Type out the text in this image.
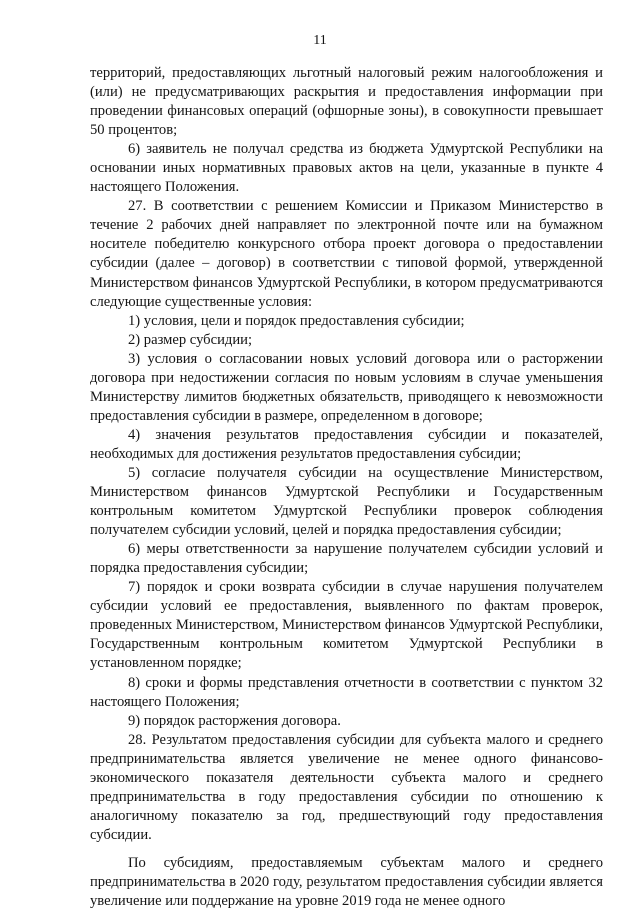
11

территорий, предоставляющих льготный налоговый режим налогообложения и (или) не предусматривающих раскрытия и предоставления информации при проведении финансовых операций (офшорные зоны), в совокупности превышает 50 процентов;

6) заявитель не получал средства из бюджета Удмуртской Республики на основании иных нормативных правовых актов на цели, указанные в пункте 4 настоящего Положения.

27. В соответствии с решением Комиссии и Приказом Министерство в течение 2 рабочих дней направляет по электронной почте или на бумажном носителе победителю конкурсного отбора проект договора о предоставлении субсидии (далее – договор) в соответствии с типовой формой, утвержденной Министерством финансов Удмуртской Республики, в котором предусматриваются следующие существенные условия:

1) условия, цели и порядок предоставления субсидии;

2) размер субсидии;

3) условия о согласовании новых условий договора или о расторжении договора при недостижении согласия по новым условиям в случае уменьшения Министерству лимитов бюджетных обязательств, приводящего к невозможности предоставления субсидии в размере, определенном в договоре;

4) значения результатов предоставления субсидии и показателей, необходимых для достижения результатов предоставления субсидии;

5) согласие получателя субсидии на осуществление Министерством, Министерством финансов Удмуртской Республики и Государственным контрольным комитетом Удмуртской Республики проверок соблюдения получателем субсидии условий, целей и порядка предоставления субсидии;

6) меры ответственности за нарушение получателем субсидии условий и порядка предоставления субсидии;

7) порядок и сроки возврата субсидии в случае нарушения получателем субсидии условий ее предоставления, выявленного по фактам проверок, проведенных Министерством, Министерством финансов Удмуртской Республики, Государственным контрольным комитетом Удмуртской Республики в установленном порядке;

8) сроки и формы представления отчетности в соответствии с пунктом 32 настоящего Положения;

9) порядок расторжения договора.

28. Результатом предоставления субсидии для субъекта малого и среднего предпринимательства является увеличение не менее одного финансово-экономического показателя деятельности субъекта малого и среднего предпринимательства в году предоставления субсидии по отношению к аналогичному показателю за год, предшествующий году предоставления субсидии.

По субсидиям, предоставляемым субъектам малого и среднего предпринимательства в 2020 году, результатом предоставления субсидии является увеличение или поддержание на уровне 2019 года не менее одного
